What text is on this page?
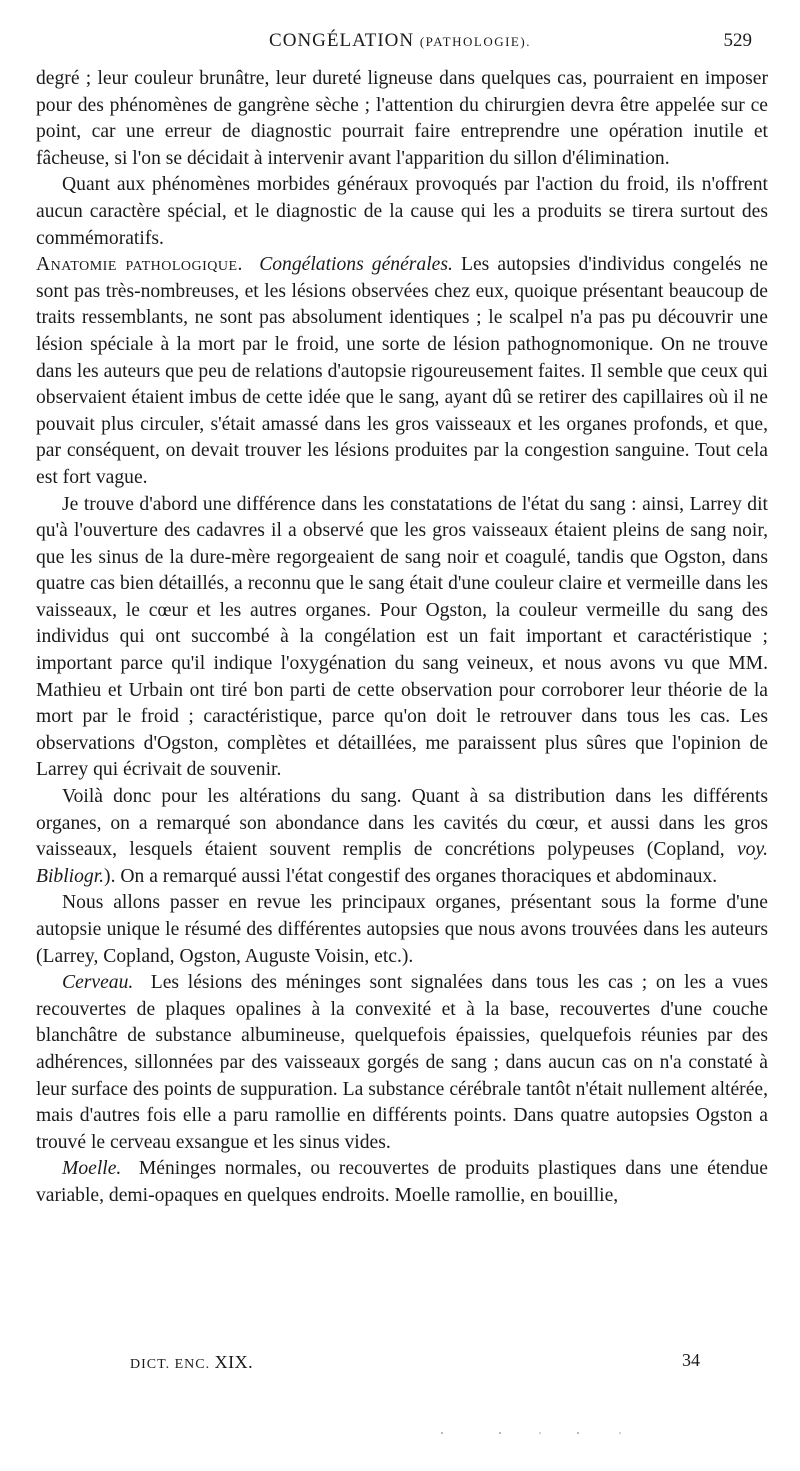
CONGÉLATION (PATHOLOGIE).	529

degré ; leur couleur brunâtre, leur dureté ligneuse dans quelques cas, pourraient en imposer pour des phénomènes de gangrène sèche ; l'attention du chirurgien devra être appelée sur ce point, car une erreur de diagnostic pourrait faire entreprendre une opération inutile et fâcheuse, si l'on se décidait à intervenir avant l'apparition du sillon d'élimination.

Quant aux phénomènes morbides généraux provoqués par l'action du froid, ils n'offrent aucun caractère spécial, et le diagnostic de la cause qui les a produits se tirera surtout des commémoratifs.

Anatomie pathologique. Congélations générales. Les autopsies d'individus congelés ne sont pas très-nombreuses, et les lésions observées chez eux, quoique présentant beaucoup de traits ressemblants, ne sont pas absolument identiques ; le scalpel n'a pas pu découvrir une lésion spéciale à la mort par le froid, une sorte de lésion pathognomonique. On ne trouve dans les auteurs que peu de relations d'autopsie rigoureusement faites. Il semble que ceux qui observaient étaient imbus de cette idée que le sang, ayant dû se retirer des capillaires où il ne pouvait plus circuler, s'était amassé dans les gros vaisseaux et les organes profonds, et que, par conséquent, on devait trouver les lésions produites par la congestion sanguine. Tout cela est fort vague.

Je trouve d'abord une différence dans les constatations de l'état du sang : ainsi, Larrey dit qu'à l'ouverture des cadavres il a observé que les gros vaisseaux étaient pleins de sang noir, que les sinus de la dure-mère regorgeaient de sang noir et coagulé, tandis que Ogston, dans quatre cas bien détaillés, a reconnu que le sang était d'une couleur claire et vermeille dans les vaisseaux, le cœur et les autres organes. Pour Ogston, la couleur vermeille du sang des individus qui ont succombé à la congélation est un fait important et caractéristique ; important parce qu'il indique l'oxygénation du sang veineux, et nous avons vu que MM. Mathieu et Urbain ont tiré bon parti de cette observation pour corroborer leur théorie de la mort par le froid ; caractéristique, parce qu'on doit le retrouver dans tous les cas. Les observations d'Ogston, complètes et détaillées, me paraissent plus sûres que l'opinion de Larrey qui écrivait de souvenir.

Voilà donc pour les altérations du sang. Quant à sa distribution dans les différents organes, on a remarqué son abondance dans les cavités du cœur, et aussi dans les gros vaisseaux, lesquels étaient souvent remplis de concrétions polypeuses (Copland, voy. Bibliogr.). On a remarqué aussi l'état congestif des organes thoraciques et abdominaux.

Nous allons passer en revue les principaux organes, présentant sous la forme d'une autopsie unique le résumé des différentes autopsies que nous avons trouvées dans les auteurs (Larrey, Copland, Ogston, Auguste Voisin, etc.).

Cerveau. Les lésions des méninges sont signalées dans tous les cas ; on les a vues recouvertes de plaques opalines à la convexité et à la base, recouvertes d'une couche blanchâtre de substance albumineuse, quelquefois épaissies, quelquefois réunies par des adhérences, sillonnées par des vaisseaux gorgés de sang ; dans aucun cas on n'a constaté à leur surface des points de suppuration. La substance cérébrale tantôt n'était nullement altérée, mais d'autres fois elle a paru ramollie en différents points. Dans quatre autopsies Ogston a trouvé le cerveau exsangue et les sinus vides.

Moelle. Méninges normales, ou recouvertes de produits plastiques dans une étendue variable, demi-opaques en quelques endroits. Moelle ramollie, en bouillie,

DICT. ENC. XIX.	34
